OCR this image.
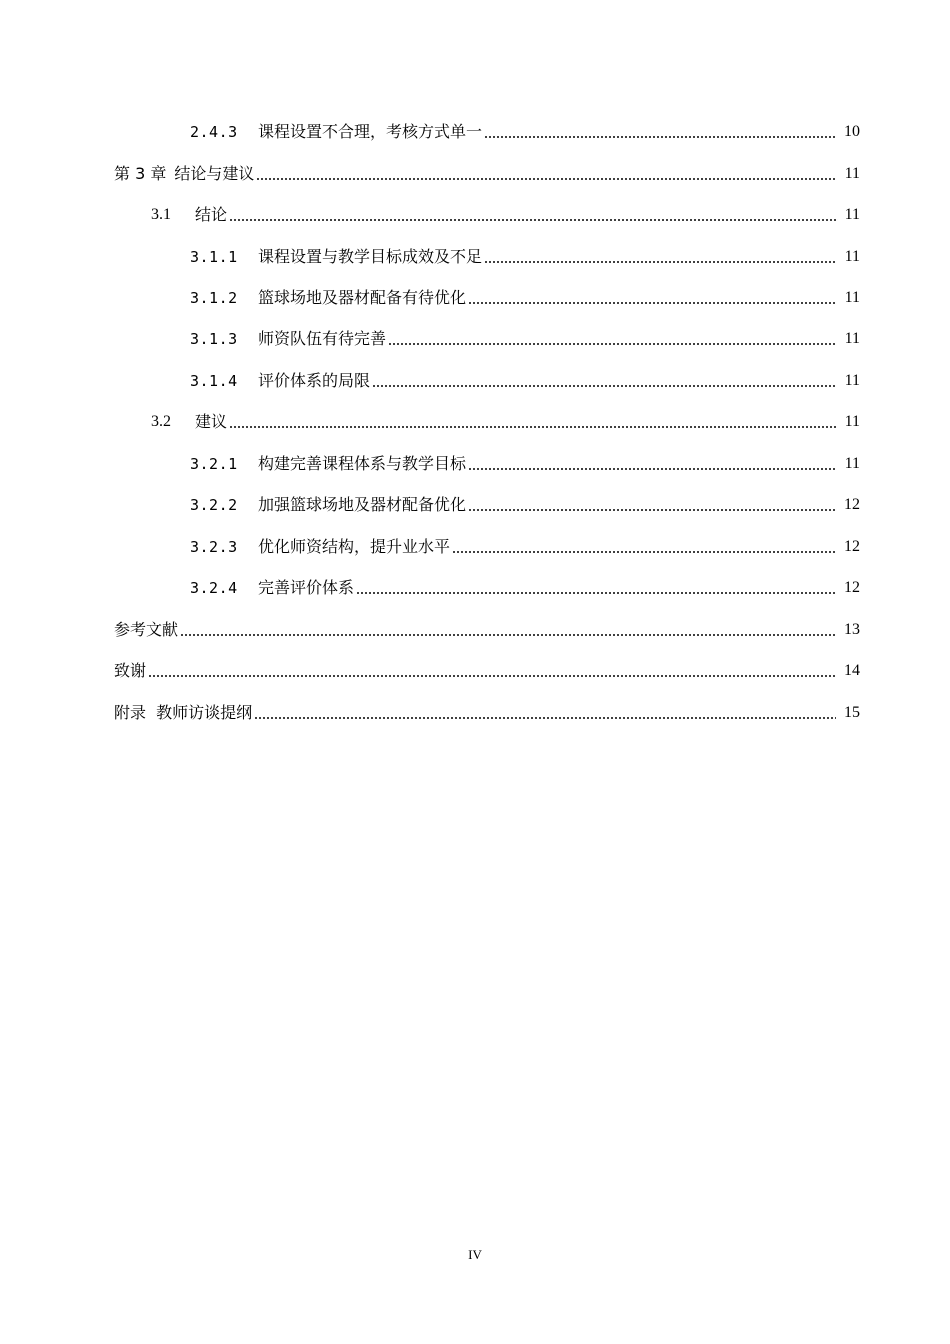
2.4.3	课程设置不合理，考核方式单一	10
第 3 章 结论与建议	11
3.1	结论	11
3.1.1	课程设置与教学目标成效及不足	11
3.1.2	篮球场地及器材配备有待优化	11
3.1.3	师资队伍有待完善	11
3.1.4	评价体系的局限	11
3.2	建议	11
3.2.1	构建完善课程体系与教学目标	11
3.2.2	加强篮球场地及器材配备优化	12
3.2.3	优化师资结构，提升业水平	12
3.2.4	完善评价体系	12
参考文献	13
致谢	14
附录  教师访谈提纲	15
IV
